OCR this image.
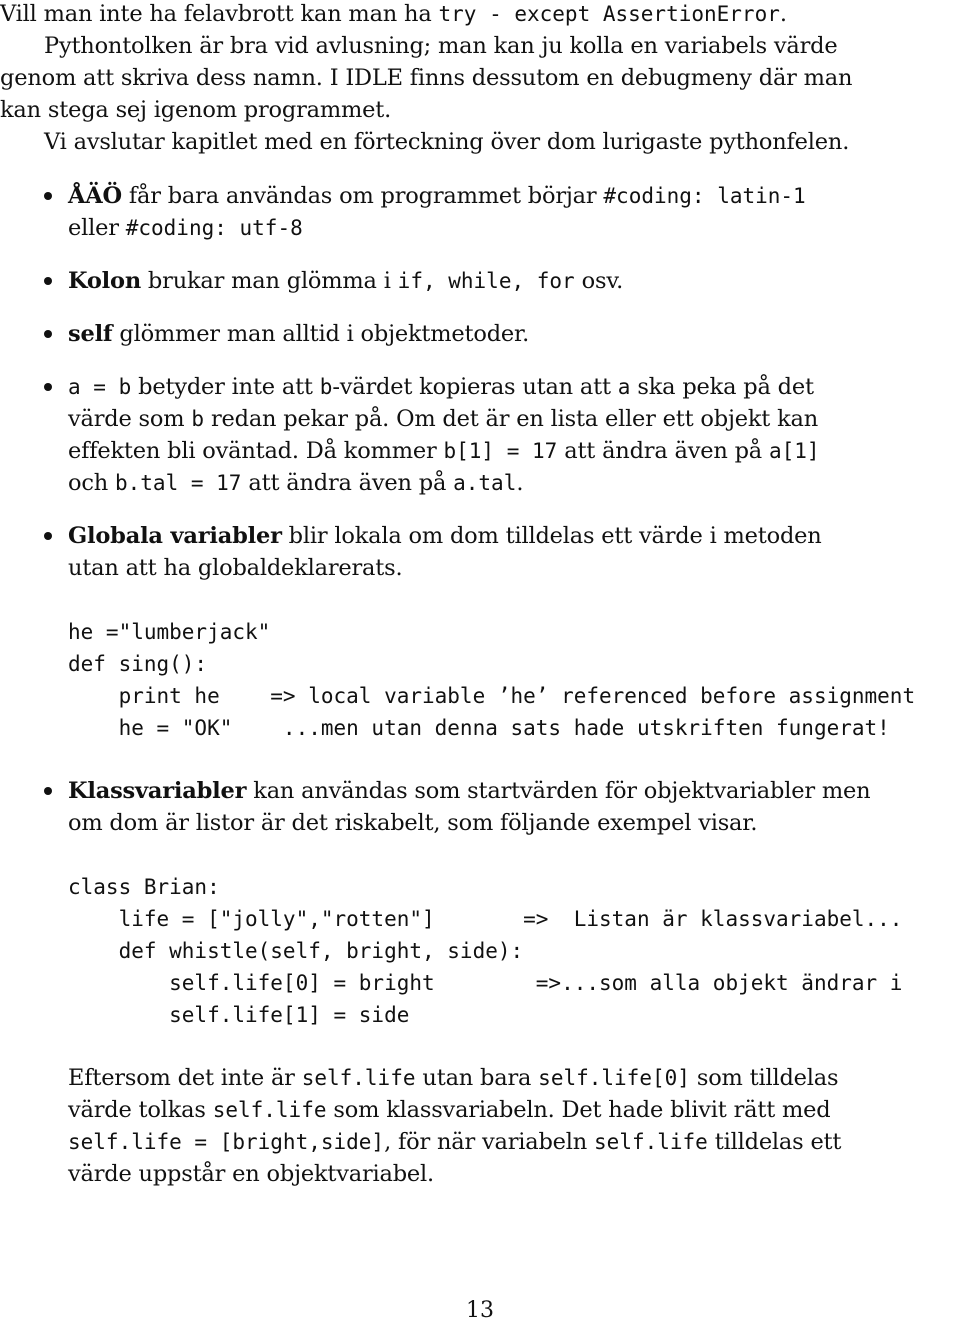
Vill man inte ha felavbrott kan man ha try - except AssertionError.
Pythontolken är bra vid avlusning; man kan ju kolla en variabels värde
genom att skriva dess namn. I IDLE finns dessutom en debugmeny där man
kan stega sej igenom programmet.
Vi avslutar kapitlet med en förteckning över dom lurigaste pythonfelen.
ÅÄÖ får bara användas om programmet börjar #coding: latin-1
eller #coding: utf-8
Kolon brukar man glömma i if, while, for osv.
self glömmer man alltid i objektmetoder.
a = b betyder inte att b-värdet kopieras utan att a ska peka på det
värde som b redan pekar på. Om det är en lista eller ett objekt kan
effekten bli oväntad. Då kommer b[1] = 17 att ändra även på a[1]
och b.tal = 17 att ändra även på a.tal.
Globala variabler blir lokala om dom tilldelas ett värde i metoden
utan att ha globaldeklarerats.
he ="lumberjack"
def sing():
print he    => local variable ’he’ referenced before assignment
he = "OK"    ...men utan denna sats hade utskriften fungerat!
Klassvariabler kan användas som startvärden för objektvariabler men
om dom är listor är det riskabelt, som följande exempel visar.
class Brian:
life = ["jolly","rotten"]       =>  Listan är klassvariabel...
def whistle(self, bright, side):
self.life[0] = bright        =>...som alla objekt ändrar i
self.life[1] = side
Eftersom det inte är self.life utan bara self.life[0] som tilldelas
värde tolkas self.life som klassvariabeln. Det hade blivit rätt med
self.life = [bright,side], för när variabeln self.life tilldelas ett
värde uppstår en objektvariabel.
13
